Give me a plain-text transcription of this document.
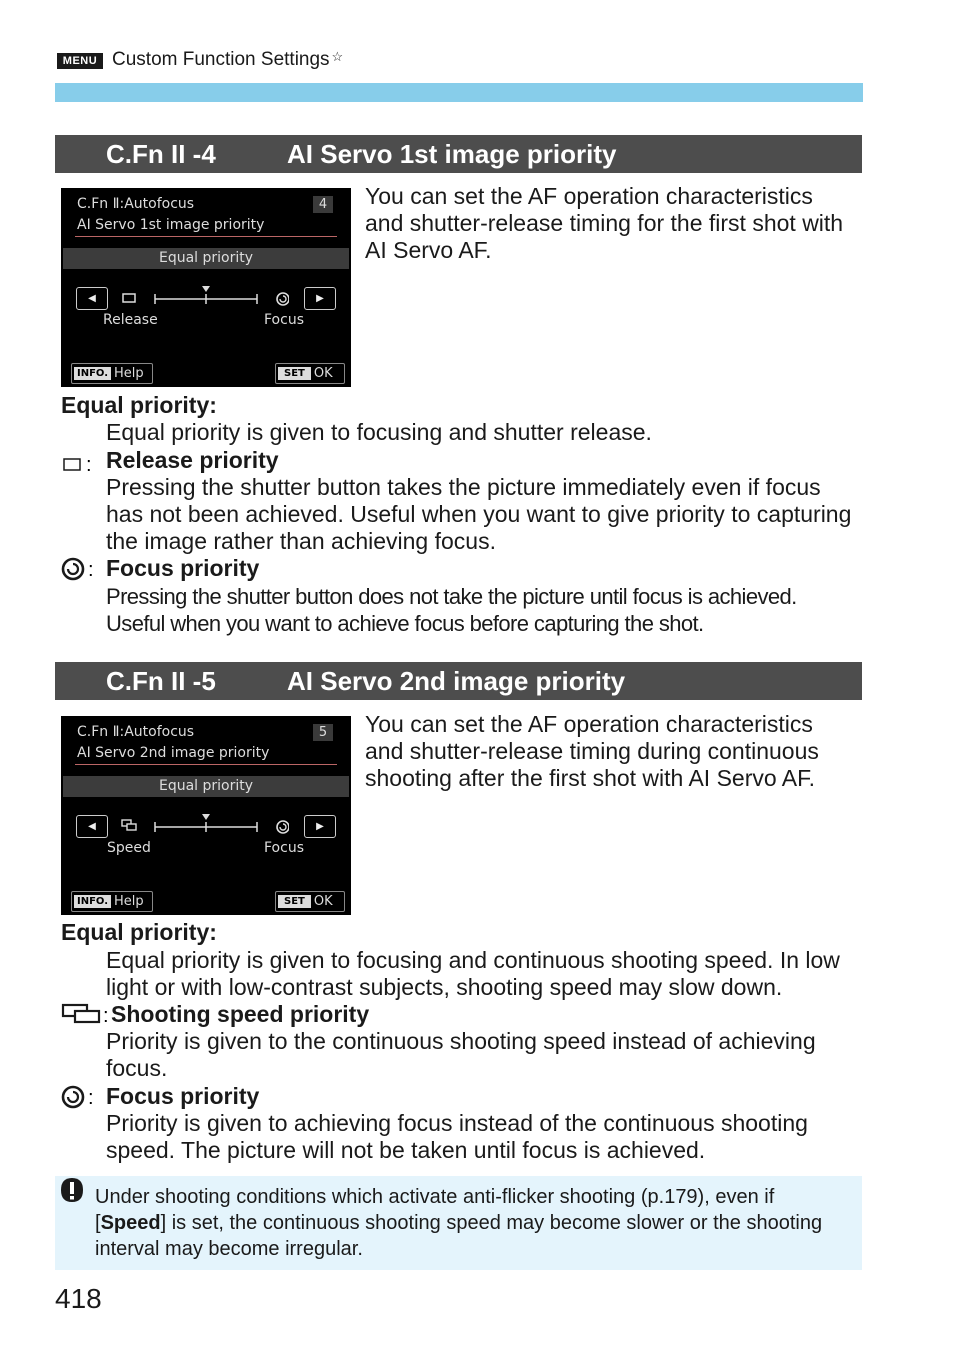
MENU Custom Function Settings ☆
C.Fn II -4	AI Servo 1st image priority
C.Fn Ⅱ:Autofocus
AI Servo 1st image priority
4
Equal priority
◀	▶
Release	Focus
INFO. Help	SET OK
You can set the AF operation characteristics and shutter-release timing for the first shot with AI Servo AF.
Equal priority:
Equal priority is given to focusing and shutter release.
: Release priority
Pressing the shutter button takes the picture immediately even if focus has not been achieved. Useful when you want to give priority to capturing the image rather than achieving focus.
: Focus priority
Pressing the shutter button does not take the picture until focus is achieved.
Useful when you want to achieve focus before capturing the shot.
C.Fn II -5	AI Servo 2nd image priority
C.Fn Ⅱ:Autofocus
AI Servo 2nd image priority
5
Equal priority
◀	▶
Speed	Focus
INFO. Help	SET OK
You can set the AF operation characteristics and shutter-release timing during continuous shooting after the first shot with AI Servo AF.
Equal priority:
Equal priority is given to focusing and continuous shooting speed. In low light or with low-contrast subjects, shooting speed may slow down.
: Shooting speed priority
Priority is given to the continuous shooting speed instead of achieving focus.
: Focus priority
Priority is given to achieving focus instead of the continuous shooting speed. The picture will not be taken until focus is achieved.
Under shooting conditions which activate anti-flicker shooting (p.179), even if [Speed] is set, the continuous shooting speed may become slower or the shooting interval may become irregular.
418
